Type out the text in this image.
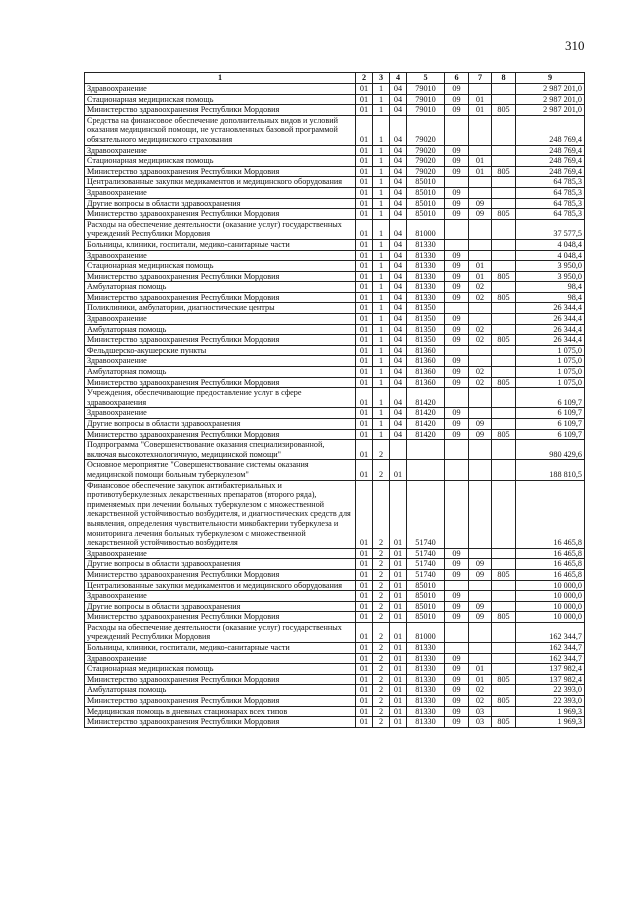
310
1	2	3	4	5	6	7	8	9
Здравоохранение	01	1	04	79010	09			2 987 201,0
Стационарная медицинская помощь	01	1	04	79010	09	01		2 987 201,0
Министерство здравоохранения Республики Мордовия	01	1	04	79010	09	01	805	2 987 201,0
Средства на финансовое обеспечение дополнительных видов и условий оказания медицинской помощи, не установленных базовой программой обязательного медицинского страхования	01	1	04	79020				248 769,4
Здравоохранение	01	1	04	79020	09			248 769,4
Стационарная медицинская помощь	01	1	04	79020	09	01		248 769,4
Министерство здравоохранения Республики Мордовия	01	1	04	79020	09	01	805	248 769,4
Централизованные закупки медикаментов и медицинского оборудования	01	1	04	85010				64 785,3
Здравоохранение	01	1	04	85010	09			64 785,3
Другие вопросы в области здравоохранения	01	1	04	85010	09	09		64 785,3
Министерство здравоохранения Республики Мордовия	01	1	04	85010	09	09	805	64 785,3
Расходы на обеспечение деятельности (оказание услуг) государственных учреждений Республики Мордовия	01	1	04	81000				37 577,5
Больницы, клиники, госпитали, медико-санитарные части	01	1	04	81330				4 048,4
Здравоохранение	01	1	04	81330	09			4 048,4
Стационарная медицинская помощь	01	1	04	81330	09	01		3 950,0
Министерство здравоохранения Республики Мордовия	01	1	04	81330	09	01	805	3 950,0
Амбулаторная помощь	01	1	04	81330	09	02		98,4
Министерство здравоохранения Республики Мордовия	01	1	04	81330	09	02	805	98,4
Поликлиники, амбулатории, диагностические центры	01	1	04	81350				26 344,4
Здравоохранение	01	1	04	81350	09			26 344,4
Амбулаторная помощь	01	1	04	81350	09	02		26 344,4
Министерство здравоохранения Республики Мордовия	01	1	04	81350	09	02	805	26 344,4
Фельдшерско-акушерские пункты	01	1	04	81360				1 075,0
Здравоохранение	01	1	04	81360	09			1 075,0
Амбулаторная помощь	01	1	04	81360	09	02		1 075,0
Министерство здравоохранения Республики Мордовия	01	1	04	81360	09	02	805	1 075,0
Учреждения, обеспечивающие предоставление услуг в сфере здравоохранения	01	1	04	81420				6 109,7
Здравоохранение	01	1	04	81420	09			6 109,7
Другие вопросы в области здравоохранения	01	1	04	81420	09	09		6 109,7
Министерство здравоохранения Республики Мордовия	01	1	04	81420	09	09	805	6 109,7
Подпрограмма "Совершенствование оказания специализированной, включая высокотехнологичную, медицинской помощи"	01	2						980 429,6
Основное мероприятие "Совершенствование системы оказания медицинской помощи больным туберкулезом"	01	2	01					188 810,5
Финансовое обеспечение закупок антибактериальных и противотуберкулезных лекарственных препаратов (второго ряда), применяемых при лечении больных туберкулезом с множественной лекарственной устойчивостью возбудителя, и диагностических средств для выявления, определения чувствительности микобактерии туберкулеза и мониторинга лечения больных туберкулезом с множественной лекарственной устойчивостью возбудителя	01	2	01	51740				16 465,8
Здравоохранение	01	2	01	51740	09			16 465,8
Другие вопросы в области здравоохранения	01	2	01	51740	09	09		16 465,8
Министерство здравоохранения Республики Мордовия	01	2	01	51740	09	09	805	16 465,8
Централизованные закупки медикаментов и медицинского оборудования	01	2	01	85010				10 000,0
Здравоохранение	01	2	01	85010	09			10 000,0
Другие вопросы в области здравоохранения	01	2	01	85010	09	09		10 000,0
Министерство здравоохранения Республики Мордовия	01	2	01	85010	09	09	805	10 000,0
Расходы на обеспечение деятельности (оказание услуг) государственных учреждений Республики Мордовия	01	2	01	81000				162 344,7
Больницы, клиники, госпитали, медико-санитарные части	01	2	01	81330				162 344,7
Здравоохранение	01	2	01	81330	09			162 344,7
Стационарная медицинская помощь	01	2	01	81330	09	01		137 982,4
Министерство здравоохранения Республики Мордовия	01	2	01	81330	09	01	805	137 982,4
Амбулаторная помощь	01	2	01	81330	09	02		22 393,0
Министерство здравоохранения Республики Мордовия	01	2	01	81330	09	02	805	22 393,0
Медицинская помощь в дневных стационарах всех типов	01	2	01	81330	09	03		1 969,3
Министерство здравоохранения Республики Мордовия	01	2	01	81330	09	03	805	1 969,3
